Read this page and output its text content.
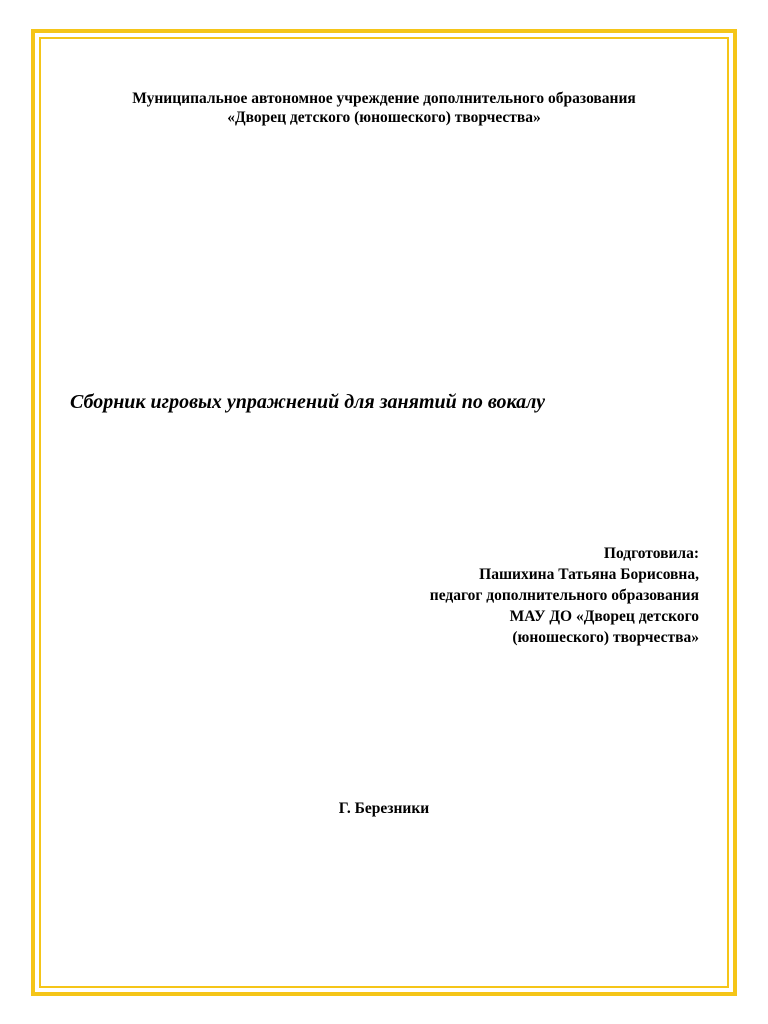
Муниципальное автономное учреждение дополнительного образования
«Дворец детского (юношеского) творчества»
Сборник игровых упражнений для занятий по вокалу
Подготовила:
Пашихина Татьяна Борисовна,
педагог дополнительного образования
МАУ ДО «Дворец детского
(юношеского) творчества»
Г. Березники
